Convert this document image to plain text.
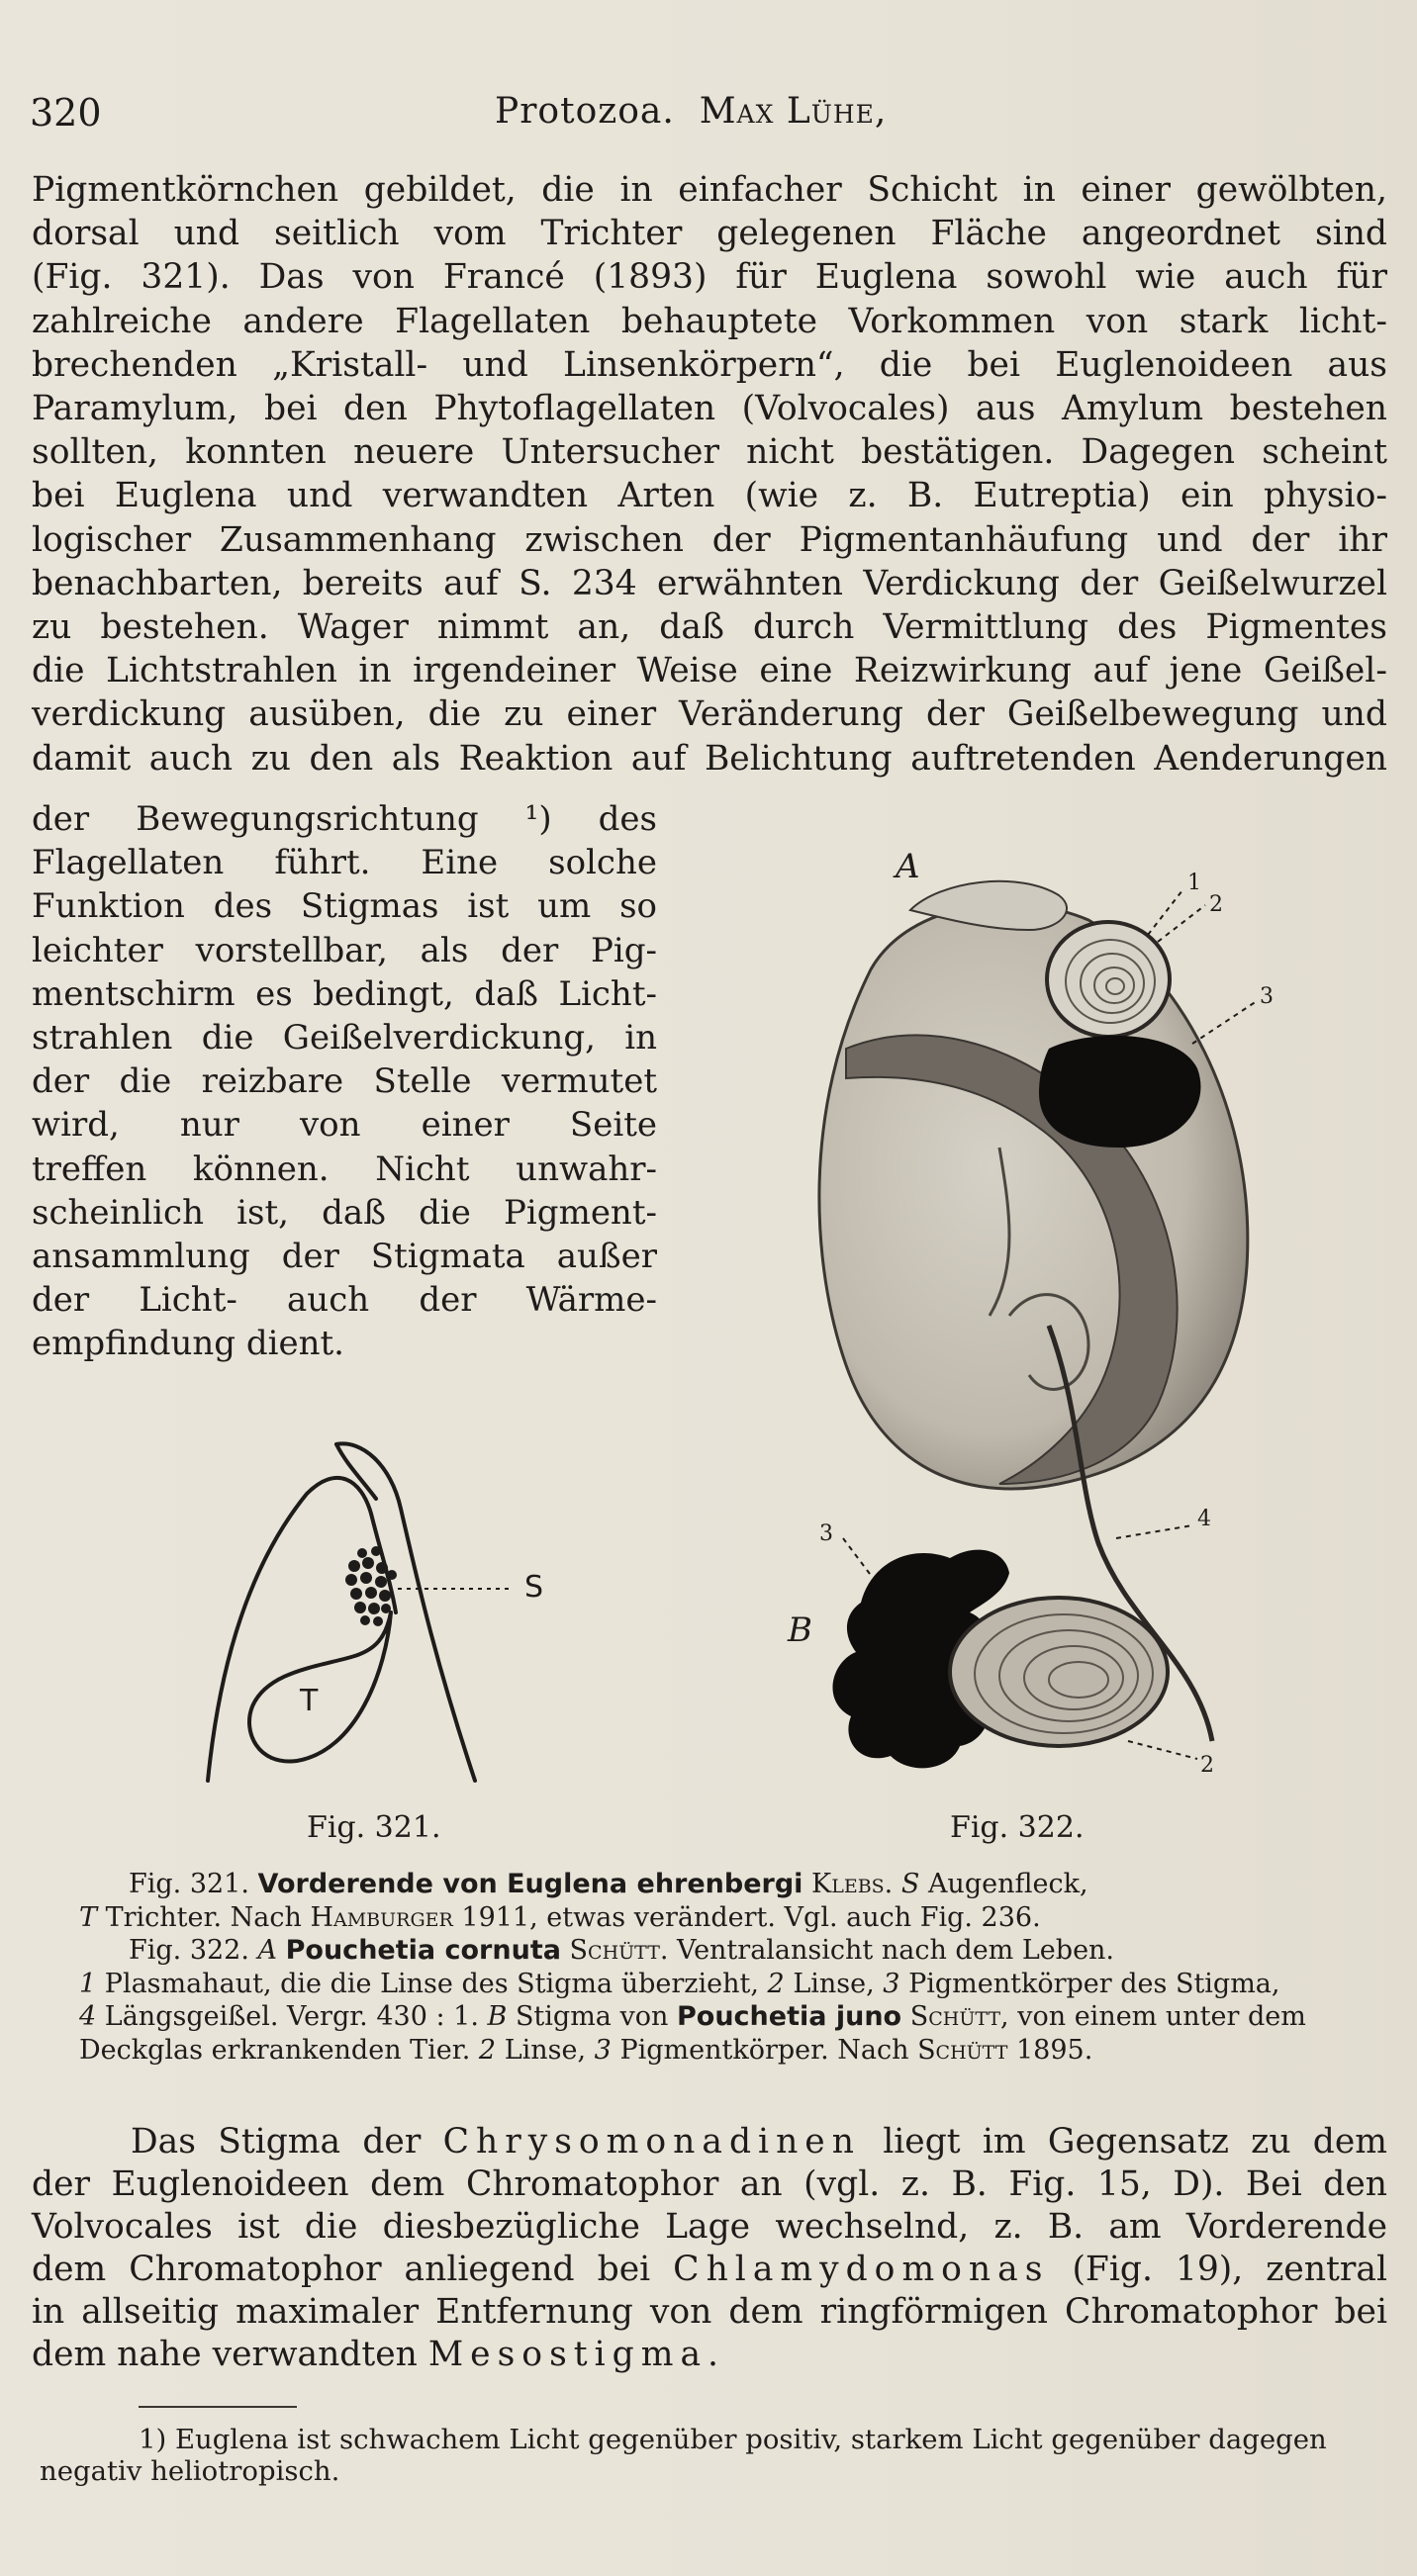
320	Protozoa. Max Lühe,
Pigmentkörnchen gebildet, die in einfacher Schicht in einer gewölbten,
dorsal und seitlich vom Trichter gelegenen Fläche angeordnet sind
(Fig. 321). Das von Francé (1893) für Euglena sowohl wie auch für
zahlreiche andere Flagellaten behauptete Vorkommen von stark licht-
brechenden „Kristall- und Linsenkörpern“, die bei Euglenoideen aus
Paramylum, bei den Phytoflagellaten (Volvocales) aus Amylum bestehen
sollten, konnten neuere Untersucher nicht bestätigen. Dagegen scheint
bei Euglena und verwandten Arten (wie z. B. Eutreptia) ein physio-
logischer Zusammenhang zwischen der Pigmentanhäufung und der ihr
benachbarten, bereits auf S. 234 erwähnten Verdickung der Geißelwurzel
zu bestehen. Wager nimmt an, daß durch Vermittlung des Pigmentes
die Lichtstrahlen in irgendeiner Weise eine Reizwirkung auf jene Geißel-
verdickung ausüben, die zu einer Veränderung der Geißelbewegung und
damit auch zu den als Reaktion auf Belichtung auftretenden Aenderungen
der Bewegungsrichtung ¹) des
Flagellaten führt. Eine solche
Funktion des Stigmas ist um so
leichter vorstellbar, als der Pig-
mentschirm es bedingt, daß Licht-
strahlen die Geißelverdickung, in
der die reizbare Stelle vermutet
wird, nur von einer Seite
treffen können. Nicht unwahr-
scheinlich ist, daß die Pigment-
ansammlung der Stigmata außer
der Licht- auch der Wärme-
empfindung dient.
S
T
Fig. 321.
A	1
2
3
4
3
B
2
Fig. 322.
Fig. 321. Vorderende von Euglena ehrenbergi Klebs. S Augenfleck,
T Trichter. Nach Hamburger 1911, etwas verändert. Vgl. auch Fig. 236.
Fig. 322. A Pouchetia cornuta Schütt. Ventralansicht nach dem Leben.
1 Plasmahaut, die die Linse des Stigma überzieht, 2 Linse, 3 Pigmentkörper des Stigma,
4 Längsgeißel. Vergr. 430 : 1. B Stigma von Pouchetia juno Schütt, von einem unter dem Deckglas erkrankenden Tier. 2 Linse, 3 Pigmentkörper. Nach Schütt 1895.
Das Stigma der Chrysomonadinen liegt im Gegensatz zu dem
der Euglenoideen dem Chromatophor an (vgl. z. B. Fig. 15, D). Bei den
Volvocales ist die diesbezügliche Lage wechselnd, z. B. am Vorderende
dem Chromatophor anliegend bei Chlamydomonas (Fig. 19), zentral
in allseitig maximaler Entfernung von dem ringförmigen Chromatophor bei
dem nahe verwandten Mesostigma.
1) Euglena ist schwachem Licht gegenüber positiv, starkem Licht gegenüber dagegen
negativ heliotropisch.
